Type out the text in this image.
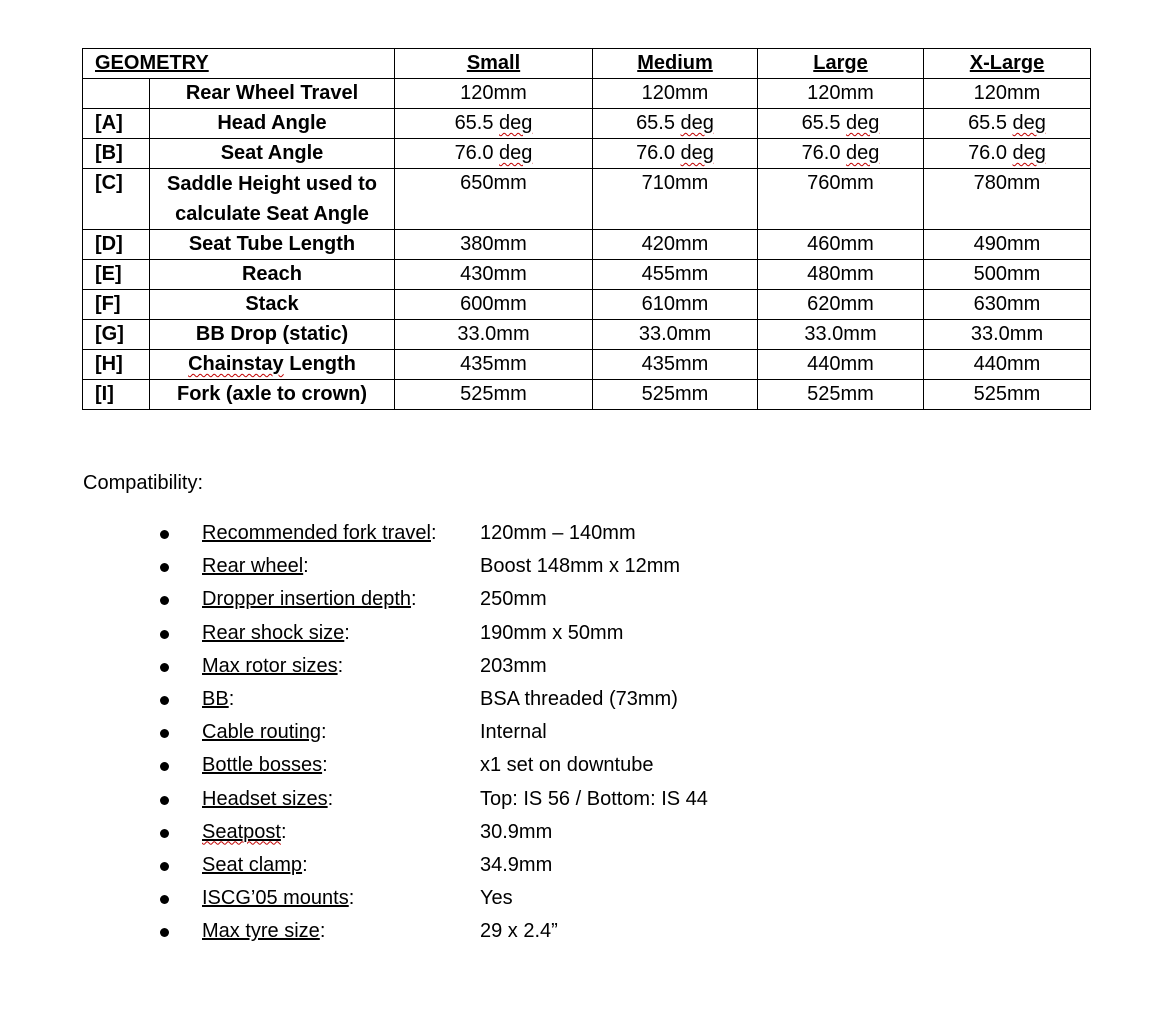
GEOMETRY		Small	Medium	Large	X-Large
	Rear Wheel Travel	120mm	120mm	120mm	120mm
[A]	Head Angle	65.5 deg	65.5 deg	65.5 deg	65.5 deg
[B]	Seat Angle	76.0 deg	76.0 deg	76.0 deg	76.0 deg
[C]	Saddle Height used to calculate Seat Angle	650mm	710mm	760mm	780mm
[D]	Seat Tube Length	380mm	420mm	460mm	490mm
[E]	Reach	430mm	455mm	480mm	500mm
[F]	Stack	600mm	610mm	620mm	630mm
[G]	BB Drop (static)	33.0mm	33.0mm	33.0mm	33.0mm
[H]	Chainstay Length	435mm	435mm	440mm	440mm
[I]	Fork (axle to crown)	525mm	525mm	525mm	525mm
Compatibility:
Recommended fork travel: 120mm – 140mm
Rear wheel:	Boost 148mm x 12mm
Dropper insertion depth:	250mm
Rear shock size:	190mm x 50mm
Max rotor sizes:	203mm
BB:	BSA threaded (73mm)
Cable routing:	Internal
Bottle bosses:	x1 set on downtube
Headset sizes:	Top: IS 56 / Bottom: IS 44
Seatpost:	30.9mm
Seat clamp:	34.9mm
ISCG’05 mounts:	Yes
Max tyre size:	29 x 2.4”
